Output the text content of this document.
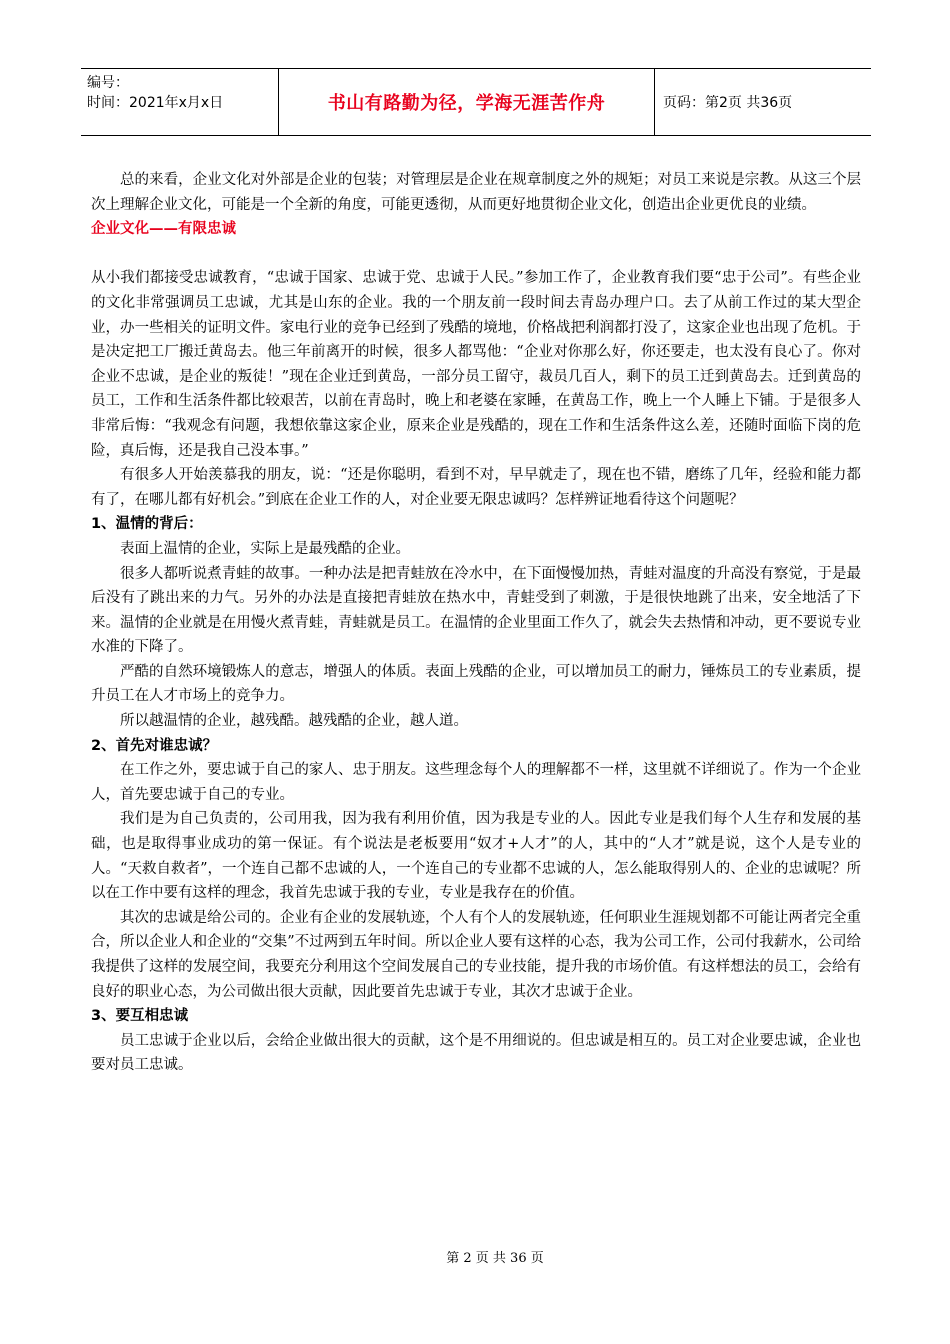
编号：
时间：2021年x月x日	书山有路勤为径，学海无涯苦作舟	页码：第2页 共36页

总的来看，企业文化对外部是企业的包装；对管理层是企业在规章制度之外的规矩；对员工来说是宗教。从这三个层次上理解企业文化，可能是一个全新的角度，可能更透彻，从而更好地贯彻企业文化，创造出企业更优良的业绩。

企业文化——有限忠诚

从小我们都接受忠诚教育，“忠诚于国家、忠诚于党、忠诚于人民。”参加工作了，企业教育我们要“忠于公司”。有些企业的文化非常强调员工忠诚，尤其是山东的企业。我的一个朋友前一段时间去青岛办理户口。去了从前工作过的某大型企业，办一些相关的证明文件。家电行业的竞争已经到了残酷的境地，价格战把利润都打没了，这家企业也出现了危机。于是决定把工厂搬迁黄岛去。他三年前离开的时候，很多人都骂他：“企业对你那么好，你还要走，也太没有良心了。你对企业不忠诚，是企业的叛徒！”现在企业迁到黄岛，一部分员工留守，裁员几百人，剩下的员工迁到黄岛去。迁到黄岛的员工，工作和生活条件都比较艰苦，以前在青岛时，晚上和老婆在家睡，在黄岛工作，晚上一个人睡上下铺。于是很多人非常后悔：“我观念有问题，我想依靠这家企业，原来企业是残酷的，现在工作和生活条件这么差，还随时面临下岗的危险，真后悔，还是我自己没本事。”

有很多人开始羡慕我的朋友，说：“还是你聪明，看到不对，早早就走了，现在也不错，磨练了几年，经验和能力都有了，在哪儿都有好机会。”到底在企业工作的人，对企业要无限忠诚吗？怎样辨证地看待这个问题呢？

1、温情的背后：

表面上温情的企业，实际上是最残酷的企业。

很多人都听说煮青蛙的故事。一种办法是把青蛙放在冷水中，在下面慢慢加热，青蛙对温度的升高没有察觉，于是最后没有了跳出来的力气。另外的办法是直接把青蛙放在热水中，青蛙受到了刺激，于是很快地跳了出来，安全地活了下来。温情的企业就是在用慢火煮青蛙，青蛙就是员工。在温情的企业里面工作久了，就会失去热情和冲动，更不要说专业水准的下降了。

严酷的自然环境锻炼人的意志，增强人的体质。表面上残酷的企业，可以增加员工的耐力，锤炼员工的专业素质，提升员工在人才市场上的竞争力。

所以越温情的企业，越残酷。越残酷的企业，越人道。

2、首先对谁忠诚？

在工作之外，要忠诚于自己的家人、忠于朋友。这些理念每个人的理解都不一样，这里就不详细说了。作为一个企业人，首先要忠诚于自己的专业。

我们是为自己负责的，公司用我，因为我有利用价值，因为我是专业的人。因此专业是我们每个人生存和发展的基础，也是取得事业成功的第一保证。有个说法是老板要用“奴才+人才”的人，其中的“人才”就是说，这个人是专业的人。“天救自救者”，一个连自己都不忠诚的人，一个连自己的专业都不忠诚的人，怎么能取得别人的、企业的忠诚呢？所以在工作中要有这样的理念，我首先忠诚于我的专业，专业是我存在的价值。

其次的忠诚是给公司的。企业有企业的发展轨迹，个人有个人的发展轨迹，任何职业生涯规划都不可能让两者完全重合，所以企业人和企业的“交集”不过两到五年时间。所以企业人要有这样的心态，我为公司工作，公司付我薪水，公司给我提供了这样的发展空间，我要充分利用这个空间发展自己的专业技能，提升我的市场价值。有这样想法的员工，会给有良好的职业心态，为公司做出很大贡献，因此要首先忠诚于专业，其次才忠诚于企业。

3、要互相忠诚

员工忠诚于企业以后，会给企业做出很大的贡献，这个是不用细说的。但忠诚是相互的。员工对企业要忠诚，企业也要对员工忠诚。

第 2 页 共 36 页
